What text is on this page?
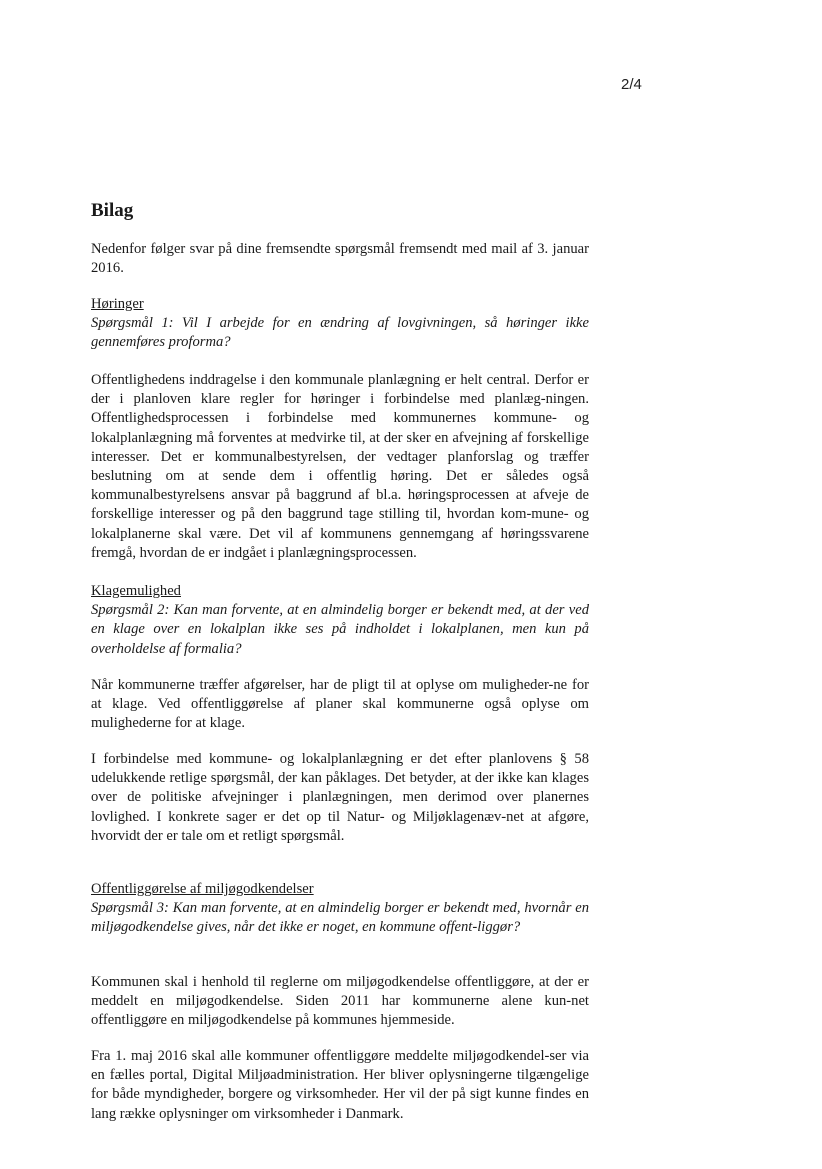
2/4

Bilag

Nedenfor følger svar på dine fremsendte spørgsmål fremsendt med mail af 3. januar 2016.

Høringer
Spørgsmål 1: Vil I arbejde for en ændring af lovgivningen, så høringer ikke gennemføres proforma?

Offentlighedens inddragelse i den kommunale planlægning er helt central. Derfor er der i planloven klare regler for høringer i forbindelse med planlæg-ningen. Offentlighedsprocessen i forbindelse med kommunernes kommune- og lokalplanlægning må forventes at medvirke til, at der sker en afvejning af forskellige interesser. Det er kommunalbestyrelsen, der vedtager planforslag og træffer beslutning om at sende dem i offentlig høring. Det er således også kommunalbestyrelsens ansvar på baggrund af bl.a. høringsprocessen at afveje de forskellige interesser og på den baggrund tage stilling til, hvordan kom-mune- og lokalplanerne skal være. Det vil af kommunens gennemgang af høringssvarene fremgå, hvordan de er indgået i planlægningsprocessen.

Klagemulighed
Spørgsmål 2: Kan man forvente, at en almindelig borger er bekendt med, at der ved en klage over en lokalplan ikke ses på indholdet i lokalplanen, men kun på overholdelse af formalia?

Når kommunerne træffer afgørelser, har de pligt til at oplyse om muligheder-ne for at klage. Ved offentliggørelse af planer skal kommunerne også oplyse om mulighederne for at klage.

I forbindelse med kommune- og lokalplanlægning er det efter planlovens § 58 udelukkende retlige spørgsmål, der kan påklages. Det betyder, at der ikke kan klages over de politiske afvejninger i planlægningen, men derimod over planernes lovlighed. I konkrete sager er det op til Natur- og Miljøklagenæv-net at afgøre, hvorvidt der er tale om et retligt spørgsmål.

Offentliggørelse af miljøgodkendelser
Spørgsmål 3: Kan man forvente, at en almindelig borger er bekendt med, hvornår en miljøgodkendelse gives, når det ikke er noget, en kommune offent-liggør?

Kommunen skal i henhold til reglerne om miljøgodkendelse offentliggøre, at der er meddelt en miljøgodkendelse. Siden 2011 har kommunerne alene kun-net offentliggøre en miljøgodkendelse på kommunes hjemmeside.

Fra 1. maj 2016 skal alle kommuner offentliggøre meddelte miljøgodkendel-ser via en fælles portal, Digital Miljøadministration. Her bliver oplysningerne tilgængelige for både myndigheder, borgere og virksomheder. Her vil der på sigt kunne findes en lang række oplysninger om virksomheder i Danmark.
